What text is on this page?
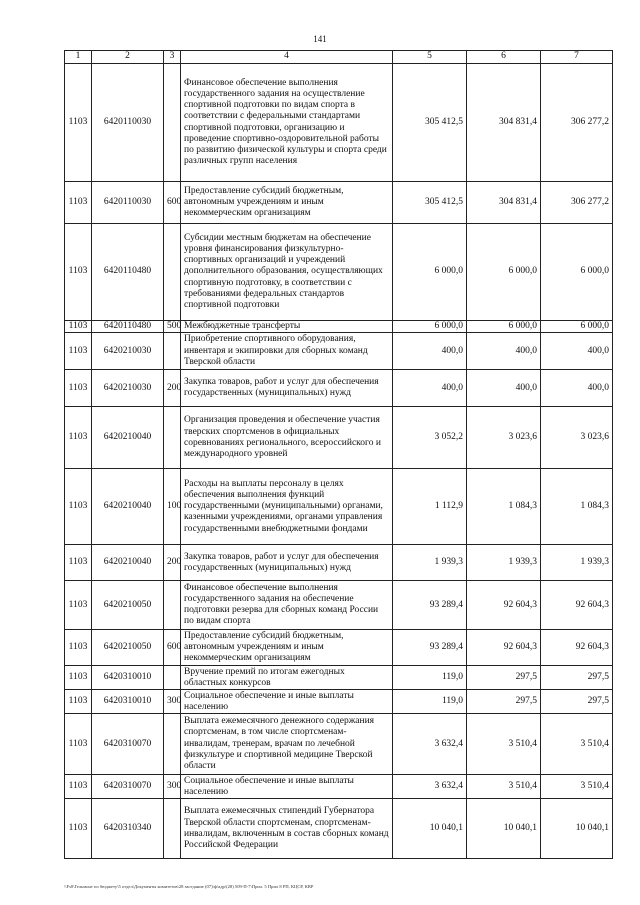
141
1	2	3	4	5	6	7
1103	6420110030		Финансовое обеспечение выполнения государственного задания на осуществление спортивной подготовки по видам спорта в соответствии с федеральными стандартами спортивной подготовки, организацию и проведение спортивно-оздоровительной работы по развитию физической культуры и спорта среди различных групп населения	305 412,5	304 831,4	306 277,2
1103	6420110030	600	Предоставление субсидий бюджетным, автономным учреждениям и иным некоммерческим организациям	305 412,5	304 831,4	306 277,2
1103	6420110480		Субсидии местным бюджетам на обеспечение уровня финансирования физкультурно-спортивных организаций и учреждений дополнительного образования, осуществляющих спортивную подготовку, в соответствии с требованиями федеральных стандартов спортивной подготовки	6 000,0	6 000,0	6 000,0
1103	6420110480	500	Межбюджетные трансферты	6 000,0	6 000,0	6 000,0
1103	6420210030		Приобретение спортивного оборудования, инвентаря и экипировки для сборных команд Тверской области	400,0	400,0	400,0
1103	6420210030	200	Закупка товаров, работ и услуг для обеспечения государственных (муниципальных) нужд	400,0	400,0	400,0
1103	6420210040		Организация проведения и обеспечение участия тверских спортсменов в официальных соревнованиях регионального, всероссийского и международного уровней	3 052,2	3 023,6	3 023,6
1103	6420210040	100	Расходы на выплаты персоналу в целях обеспечения выполнения функций государственными (муниципальными) органами, казенными учреждениями, органами управления государственными внебюджетными фондами	1 112,9	1 084,3	1 084,3
1103	6420210040	200	Закупка товаров, работ и услуг для обеспечения государственных (муниципальных) нужд	1 939,3	1 939,3	1 939,3
1103	6420210050		Финансовое обеспечение выполнения государственного задания на обеспечение подготовки резерва для сборных команд России по видам спорта	93 289,4	92 604,3	92 604,3
1103	6420210050	600	Предоставление субсидий бюджетным, автономным учреждениям и иным некоммерческим организациям	93 289,4	92 604,3	92 604,3
1103	6420310010		Вручение премий по итогам ежегодных областных конкурсов	119,0	297,5	297,5
1103	6420310010	300	Социальное обеспечение и иные выплаты населению	119,0	297,5	297,5
1103	6420310070		Выплата ежемесячного денежного содержания спортсменам, в том числе спортсменам-инвалидам, тренерам, врачам по лечебной физкультуре и спортивной медицине Тверской области	3 632,4	3 510,4	3 510,4
1103	6420310070	300	Социальное обеспечение и иные выплаты населению	3 632,4	3 510,4	3 510,4
1103	6420310340		Выплата ежемесячных стипендий Губернатора Тверской области спортсменам, спортсменам-инвалидам, включенным в состав сборных команд Российской Федерации	10 040,1	10 040,1	10 040,1
\\Fs0\Гельмонт по бюджету\5 отдел\Документы комитетов\28 заседание (07)\ф\адр\(28) 509-П-7\Прил. 5 Прил 8 РП, КЦСР, КВР
